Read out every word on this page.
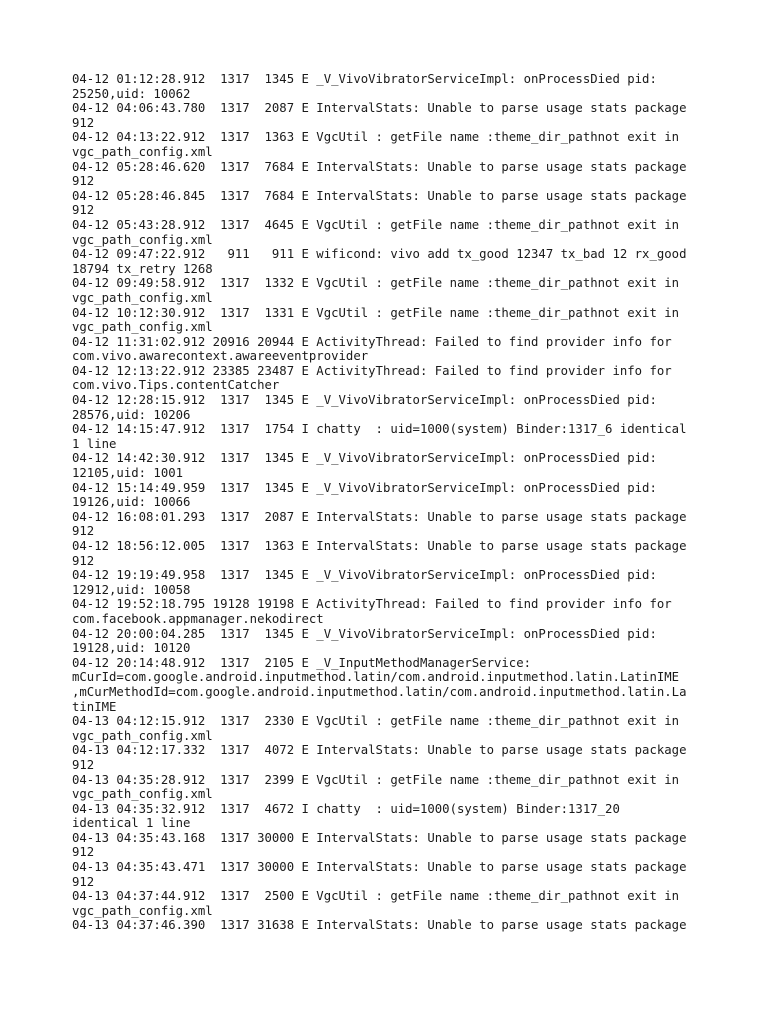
04-12 01:12:28.912  1317  1345 E _V_VivoVibratorServiceImpl: onProcessDied pid:
25250,uid: 10062
04-12 04:06:43.780  1317  2087 E IntervalStats: Unable to parse usage stats package
912
04-12 04:13:22.912  1317  1363 E VgcUtil : getFile name :theme_dir_pathnot exit in
vgc_path_config.xml
04-12 05:28:46.620  1317  7684 E IntervalStats: Unable to parse usage stats package
912
04-12 05:28:46.845  1317  7684 E IntervalStats: Unable to parse usage stats package
912
04-12 05:43:28.912  1317  4645 E VgcUtil : getFile name :theme_dir_pathnot exit in
vgc_path_config.xml
04-12 09:47:22.912   911   911 E wificond: vivo add tx_good 12347 tx_bad 12 rx_good
18794 tx_retry 1268
04-12 09:49:58.912  1317  1332 E VgcUtil : getFile name :theme_dir_pathnot exit in
vgc_path_config.xml
04-12 10:12:30.912  1317  1331 E VgcUtil : getFile name :theme_dir_pathnot exit in
vgc_path_config.xml
04-12 11:31:02.912 20916 20944 E ActivityThread: Failed to find provider info for
com.vivo.awarecontext.awareeventprovider
04-12 12:13:22.912 23385 23487 E ActivityThread: Failed to find provider info for
com.vivo.Tips.contentCatcher
04-12 12:28:15.912  1317  1345 E _V_VivoVibratorServiceImpl: onProcessDied pid:
28576,uid: 10206
04-12 14:15:47.912  1317  1754 I chatty  : uid=1000(system) Binder:1317_6 identical
1 line
04-12 14:42:30.912  1317  1345 E _V_VivoVibratorServiceImpl: onProcessDied pid:
12105,uid: 1001
04-12 15:14:49.959  1317  1345 E _V_VivoVibratorServiceImpl: onProcessDied pid:
19126,uid: 10066
04-12 16:08:01.293  1317  2087 E IntervalStats: Unable to parse usage stats package
912
04-12 18:56:12.005  1317  1363 E IntervalStats: Unable to parse usage stats package
912
04-12 19:19:49.958  1317  1345 E _V_VivoVibratorServiceImpl: onProcessDied pid:
12912,uid: 10058
04-12 19:52:18.795 19128 19198 E ActivityThread: Failed to find provider info for
com.facebook.appmanager.nekodirect
04-12 20:00:04.285  1317  1345 E _V_VivoVibratorServiceImpl: onProcessDied pid:
19128,uid: 10120
04-12 20:14:48.912  1317  2105 E _V_InputMethodManagerService:
mCurId=com.google.android.inputmethod.latin/com.android.inputmethod.latin.LatinIME
,mCurMethodId=com.google.android.inputmethod.latin/com.android.inputmethod.latin.La
tinIME
04-13 04:12:15.912  1317  2330 E VgcUtil : getFile name :theme_dir_pathnot exit in
vgc_path_config.xml
04-13 04:12:17.332  1317  4072 E IntervalStats: Unable to parse usage stats package
912
04-13 04:35:28.912  1317  2399 E VgcUtil : getFile name :theme_dir_pathnot exit in
vgc_path_config.xml
04-13 04:35:32.912  1317  4672 I chatty  : uid=1000(system) Binder:1317_20
identical 1 line
04-13 04:35:43.168  1317 30000 E IntervalStats: Unable to parse usage stats package
912
04-13 04:35:43.471  1317 30000 E IntervalStats: Unable to parse usage stats package
912
04-13 04:37:44.912  1317  2500 E VgcUtil : getFile name :theme_dir_pathnot exit in
vgc_path_config.xml
04-13 04:37:46.390  1317 31638 E IntervalStats: Unable to parse usage stats package
